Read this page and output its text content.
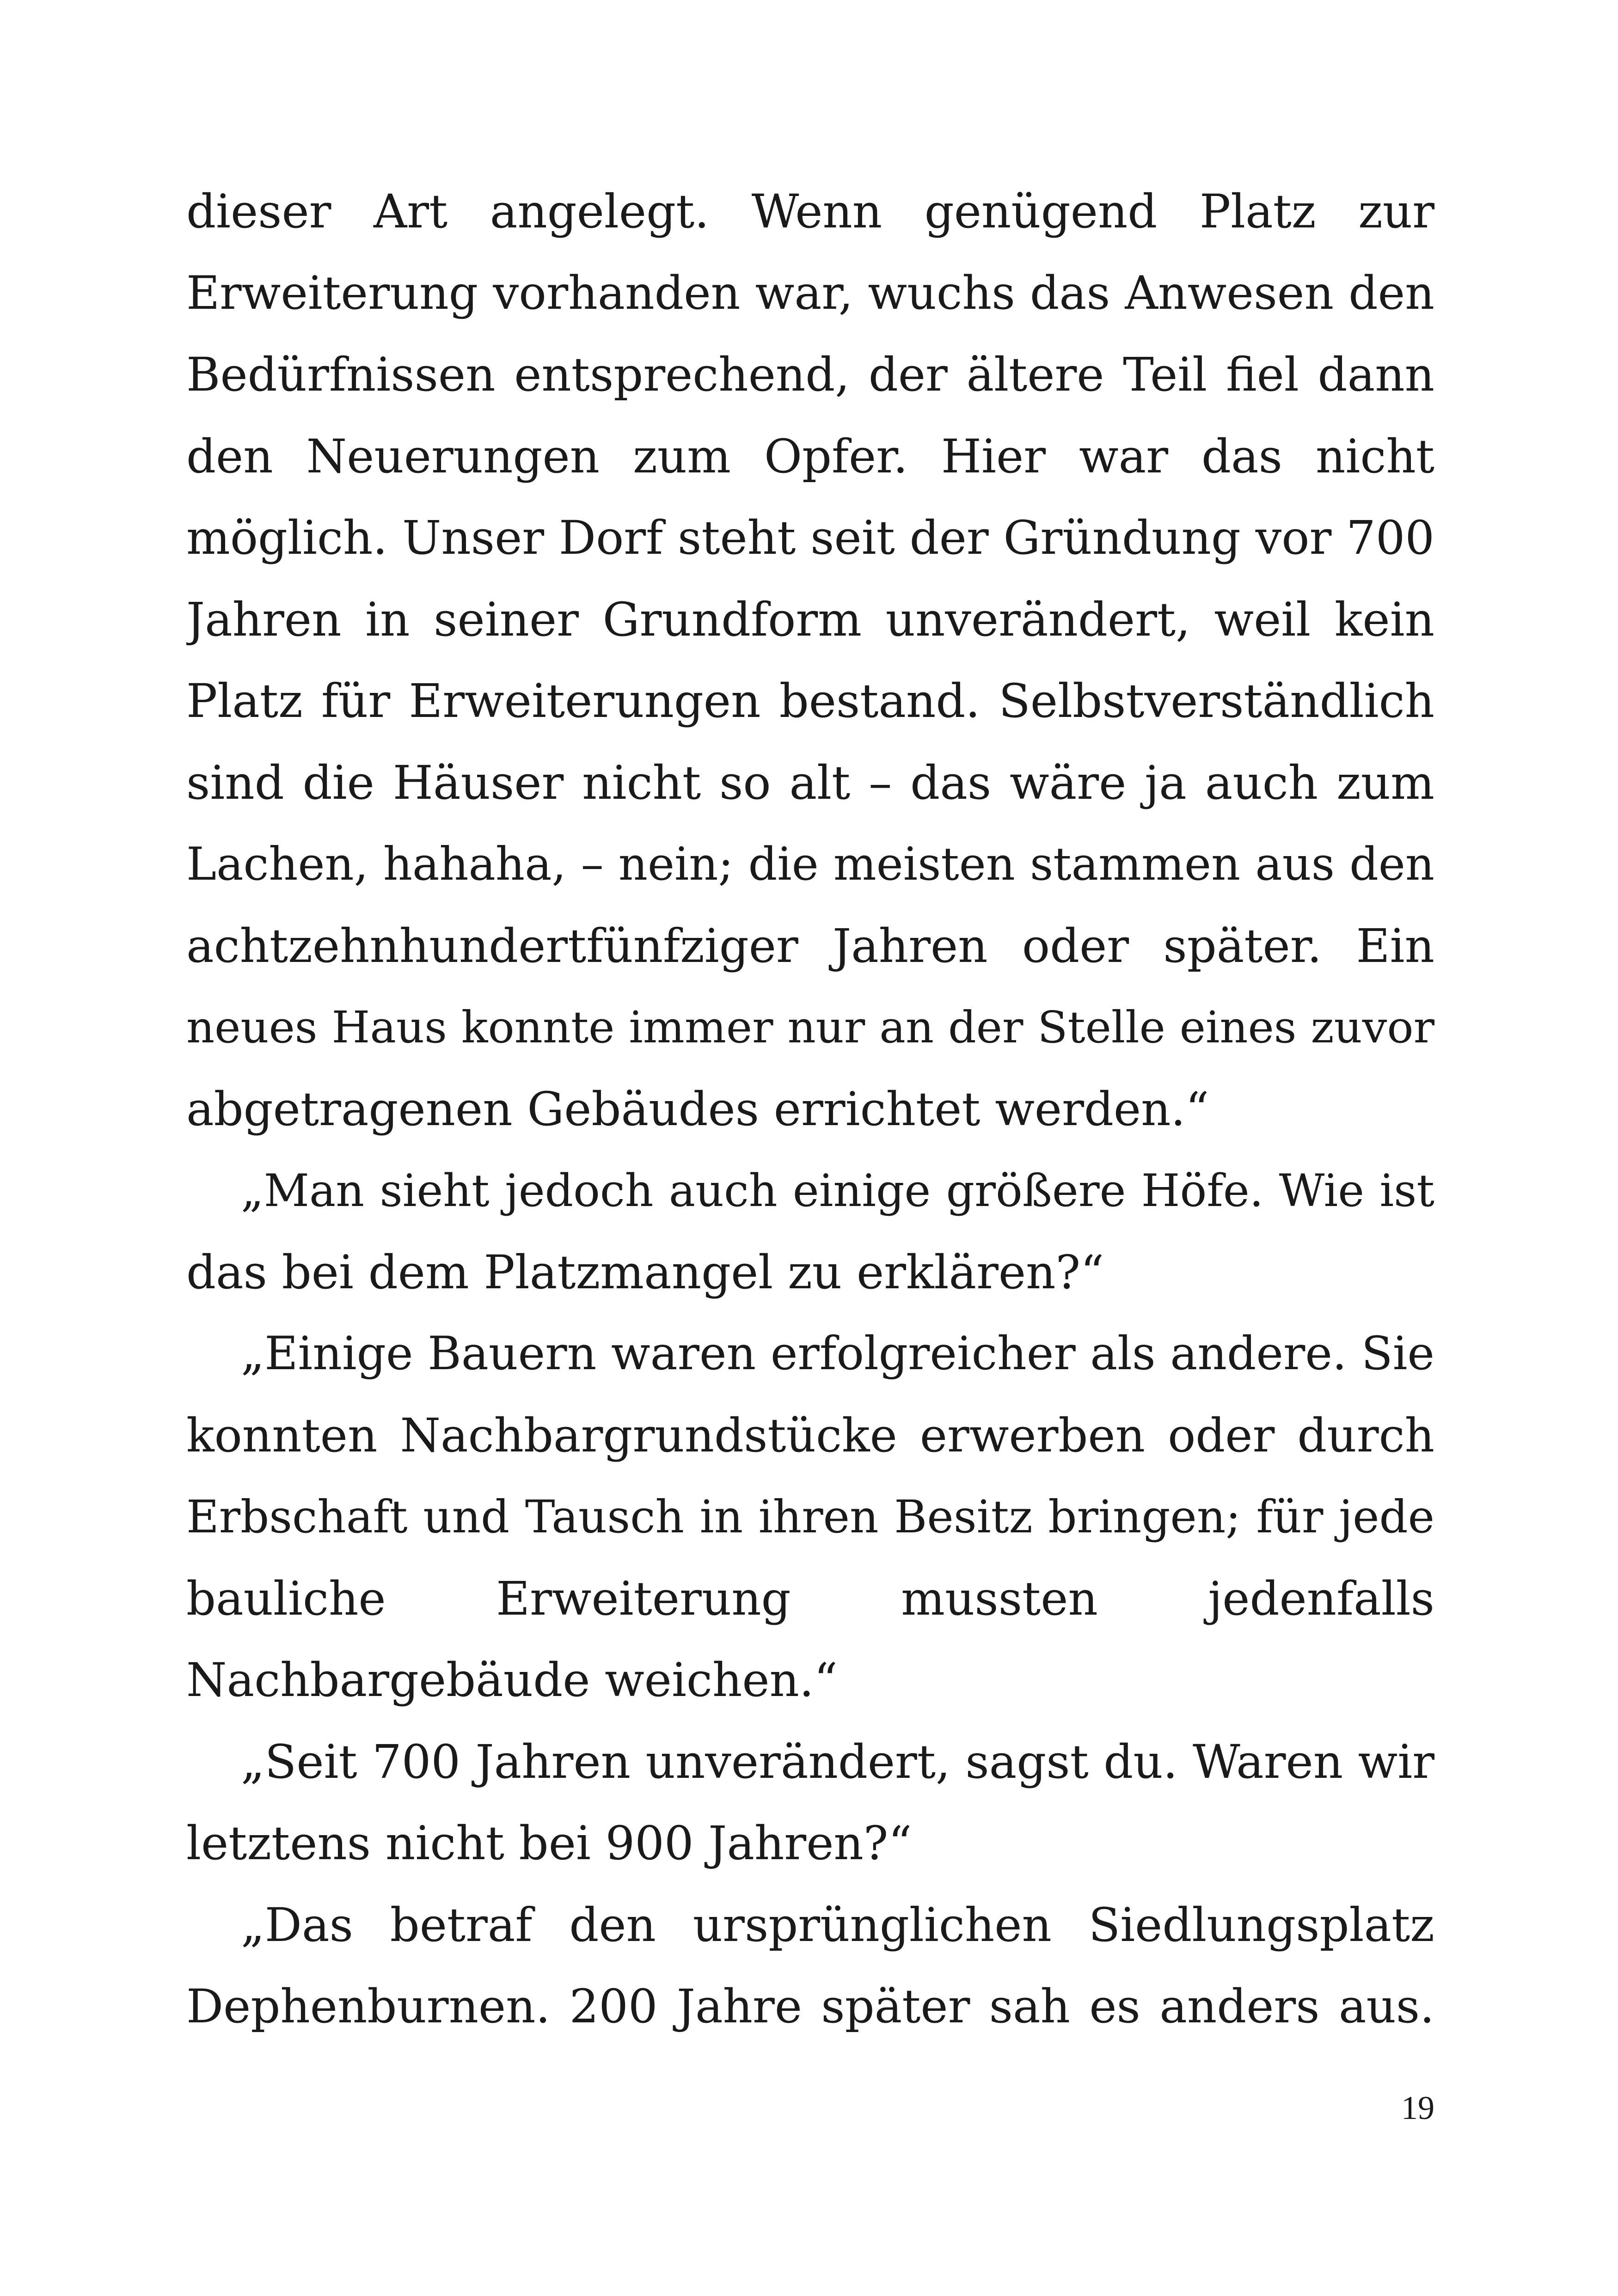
dieser Art angelegt. Wenn genügend Platz zur
Erweiterung vorhanden war, wuchs das Anwesen den
Bedürfnissen entsprechend, der ältere Teil fiel dann
den Neuerungen zum Opfer. Hier war das nicht
möglich. Unser Dorf steht seit der Gründung vor 700
Jahren in seiner Grundform unverändert, weil kein
Platz für Erweiterungen bestand. Selbstverständlich
sind die Häuser nicht so alt – das wäre ja auch zum
Lachen, hahaha, – nein; die meisten stammen aus den
achtzehnhundertfünfziger Jahren oder später. Ein
neues Haus konnte immer nur an der Stelle eines zuvor
abgetragenen Gebäudes errichtet werden.“
„Man sieht jedoch auch einige größere Höfe. Wie ist
das bei dem Platzmangel zu erklären?“
„Einige Bauern waren erfolgreicher als andere. Sie
konnten Nachbargrundstücke erwerben oder durch
Erbschaft und Tausch in ihren Besitz bringen; für jede
bauliche Erweiterung mussten jedenfalls
Nachbargebäude weichen.“
„Seit 700 Jahren unverändert, sagst du. Waren wir
letztens nicht bei 900 Jahren?“
„Das betraf den ursprünglichen Siedlungsplatz
Dephenburnen. 200 Jahre später sah es anders aus.
19
